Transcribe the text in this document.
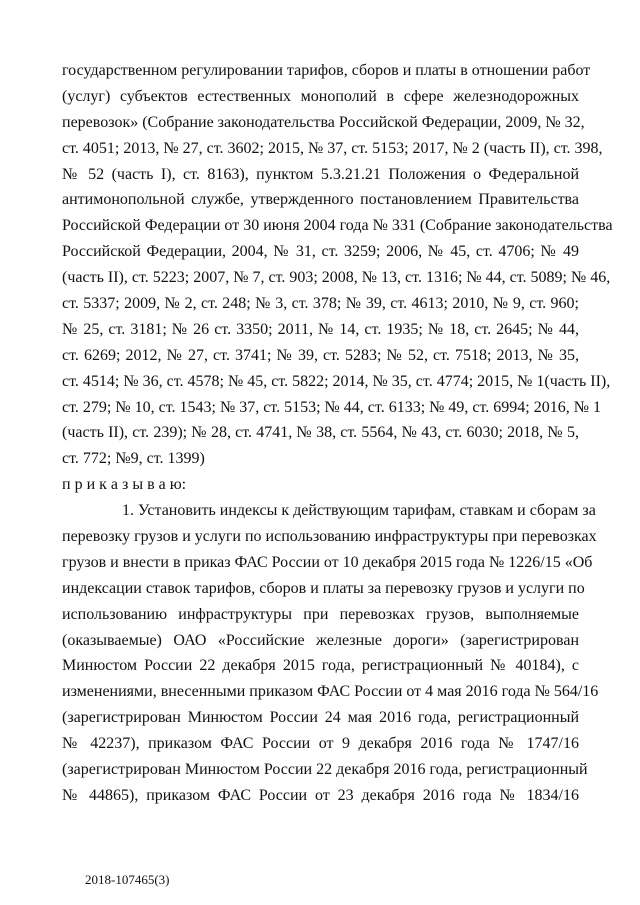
государственном регулировании тарифов, сборов и платы в отношении работ
(услуг) субъектов естественных монополий в сфере железнодорожных
перевозок» (Собрание законодательства Российской Федерации, 2009, № 32,
ст. 4051; 2013, № 27, ст. 3602; 2015, № 37, ст. 5153; 2017, № 2 (часть II), ст. 398,
№ 52 (часть I), ст. 8163), пунктом 5.3.21.21 Положения о Федеральной
антимонопольной службе, утвержденного постановлением Правительства
Российской Федерации от 30 июня 2004 года № 331 (Собрание законодательства
Российской Федерации, 2004, № 31, ст. 3259; 2006, № 45, ст. 4706; № 49
(часть II), ст. 5223; 2007, № 7, ст. 903; 2008, № 13, ст. 1316; № 44, ст. 5089; № 46,
ст. 5337; 2009, № 2, ст. 248; № 3, ст. 378; № 39, ст. 4613; 2010, № 9, ст. 960;
№ 25, ст. 3181; № 26 ст. 3350; 2011, № 14, ст. 1935; № 18, ст. 2645; № 44,
ст. 6269; 2012, № 27, ст. 3741; № 39, ст. 5283; № 52, ст. 7518; 2013, № 35,
ст. 4514; № 36, ст. 4578; № 45, ст. 5822; 2014, № 35, ст. 4774; 2015, № 1(часть II),
ст. 279; № 10, ст. 1543; № 37, ст. 5153; № 44, ст. 6133; № 49, ст. 6994; 2016, № 1
(часть II), ст. 239); № 28, ст. 4741, № 38, ст. 5564, № 43, ст. 6030; 2018, № 5,
ст. 772; №9, ст. 1399)
п р и к а з ы в а ю:
1. Установить индексы к действующим тарифам, ставкам и сборам за
перевозку грузов и услуги по использованию инфраструктуры при перевозках
грузов и внести в приказ ФАС России от 10 декабря 2015 года № 1226/15 «Об
индексации ставок тарифов, сборов и платы за перевозку грузов и услуги по
использованию инфраструктуры при перевозках грузов, выполняемые
(оказываемые) ОАО «Российские железные дороги» (зарегистрирован
Минюстом России 22 декабря 2015 года, регистрационный № 40184), с
изменениями, внесенными приказом ФАС России от 4 мая 2016 года № 564/16
(зарегистрирован Минюстом России 24 мая 2016 года, регистрационный
№ 42237), приказом ФАС России от 9 декабря 2016 года № 1747/16
(зарегистрирован Минюстом России 22 декабря 2016 года, регистрационный
№ 44865), приказом ФАС России от 23 декабря 2016 года № 1834/16
2018-107465(3)
